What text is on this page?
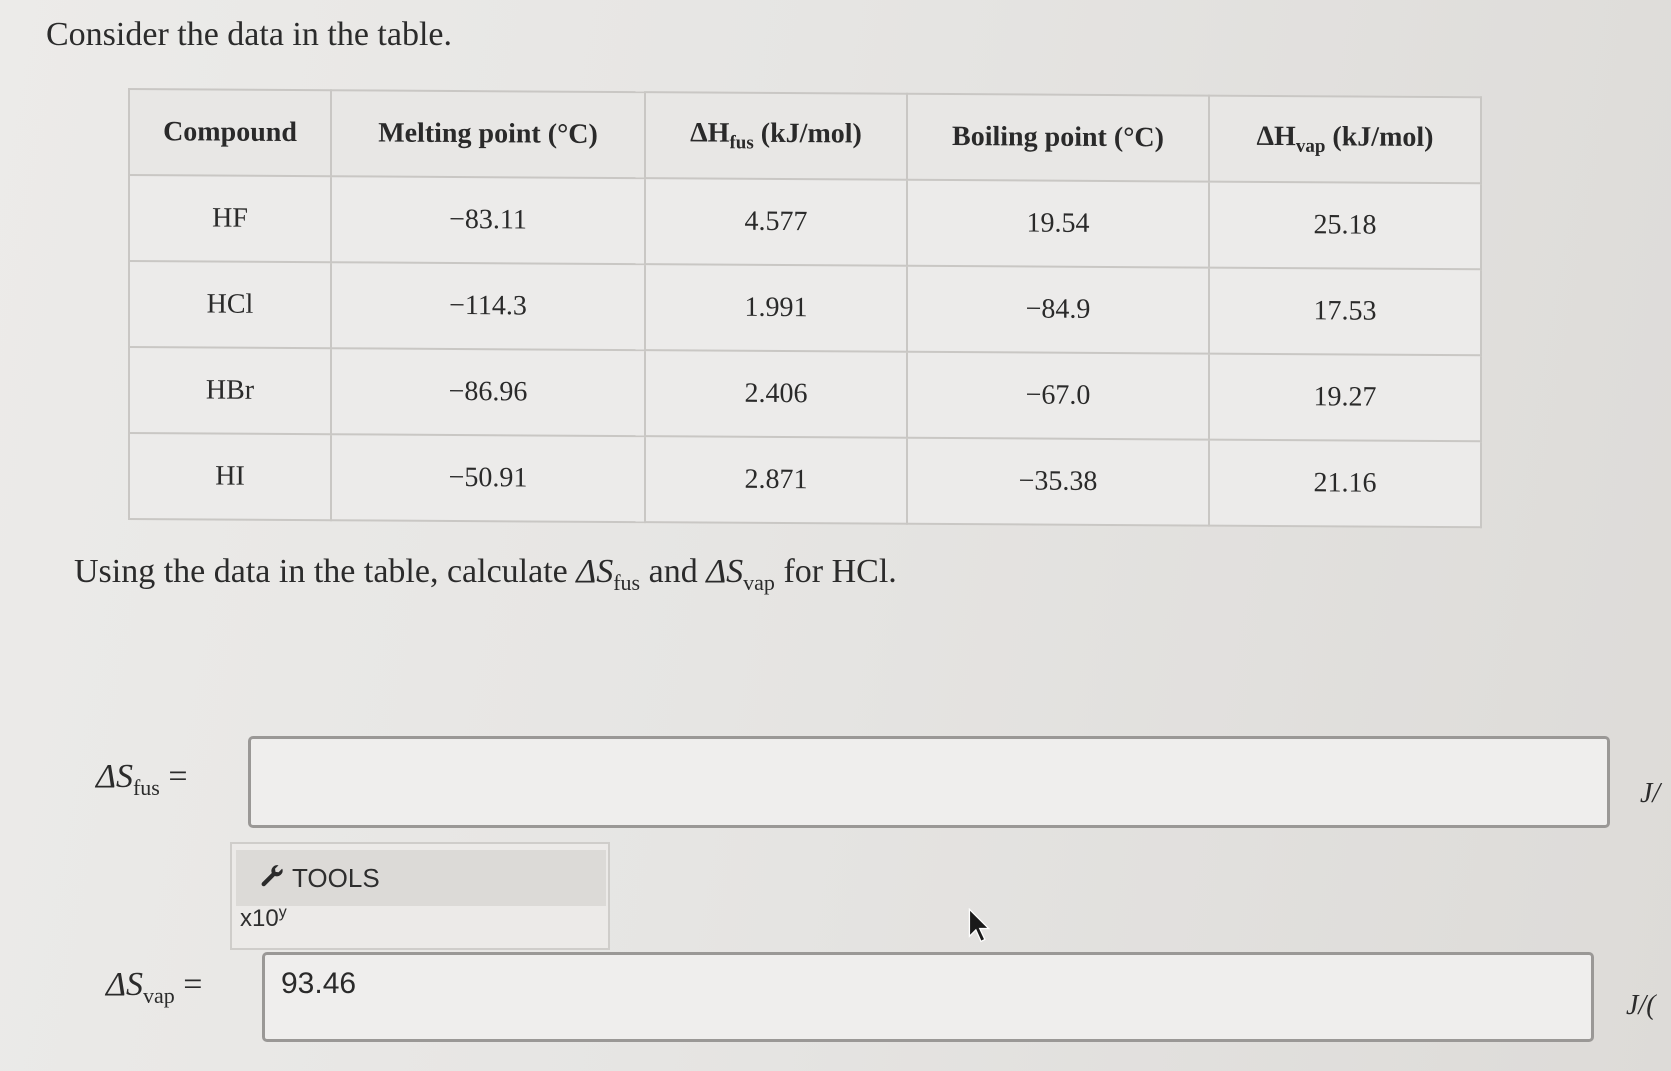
Consider the data in the table.
Compound	Melting point (°C)	$\Delta H_{fus}$ (kJ/mol)	Boiling point (°C)	$\Delta H_{vap}$ (kJ/mol)
HF	−83.11	4.577	19.54	25.18
HCl	−114.3	1.991	−84.9	17.53
HBr	−86.96	2.406	−67.0	19.27
HI	−50.91	2.871	−35.38	21.16
Using the data in the table, calculate $\Delta S_{fus}$ and $\Delta S_{vap}$ for HCl.
$\Delta S_{fus}$ =	J/
TOOLS
x10$^y$
$\Delta S_{vap}$ =	93.46
J/(
